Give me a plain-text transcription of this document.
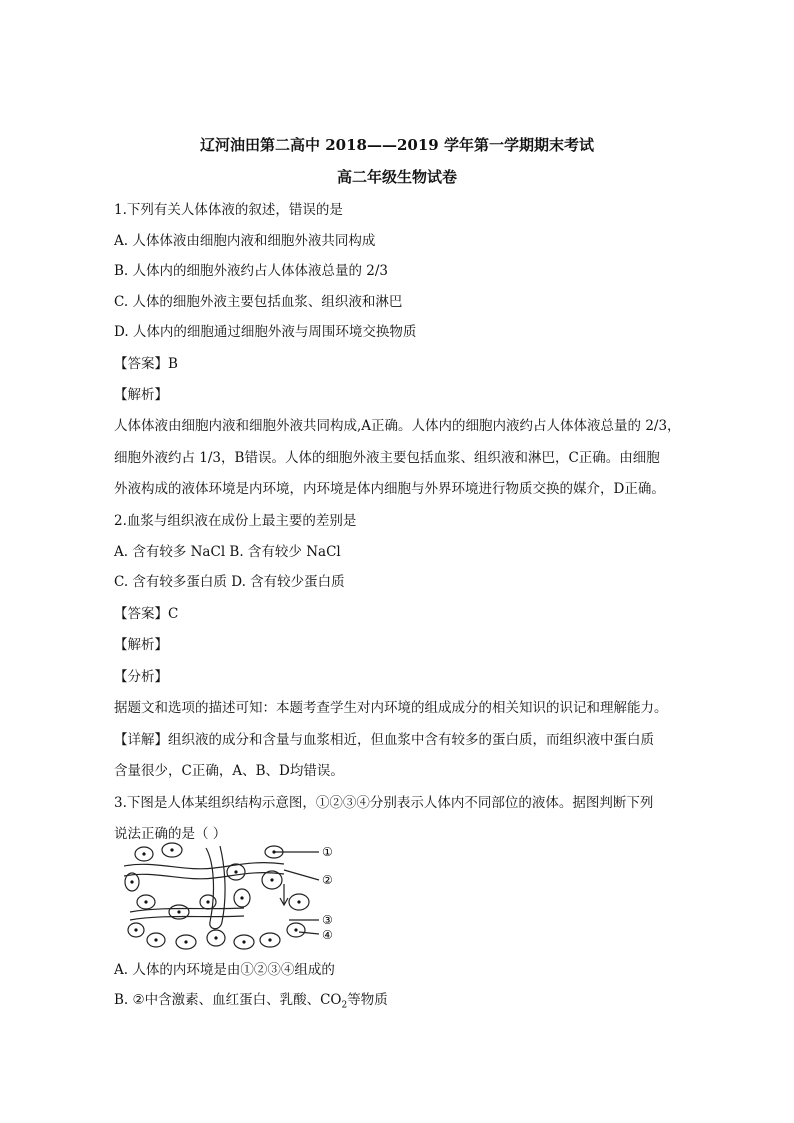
辽河油田第二高中 2018——2019 学年第一学期期末考试
高二年级生物试卷
1.下列有关人体体液的叙述，错误的是
A. 人体体液由细胞内液和细胞外液共同构成
B. 人体内的细胞外液约占人体体液总量的 2/3
C. 人体的细胞外液主要包括血浆、组织液和淋巴
D. 人体内的细胞通过细胞外液与周围环境交换物质
【答案】B
【解析】
人体体液由细胞内液和细胞外液共同构成,A正确。人体内的细胞内液约占人体体液总量的 2/3，
细胞外液约占 1/3，B错误。人体的细胞外液主要包括血浆、组织液和淋巴，C正确。由细胞
外液构成的液体环境是内环境，内环境是体内细胞与外界环境进行物质交换的媒介，D正确。
2.血浆与组织液在成份上最主要的差别是
A. 含有较多 NaCl B. 含有较少 NaCl
C. 含有较多蛋白质 D. 含有较少蛋白质
【答案】C
【解析】
【分析】
据题文和选项的描述可知：本题考查学生对内环境的组成成分的相关知识的识记和理解能力。
【详解】组织液的成分和含量与血浆相近，但血浆中含有较多的蛋白质，而组织液中蛋白质
含量很少，C正确，A、B、D均错误。
3.下图是人体某组织结构示意图，①②③④分别表示人体内不同部位的液体。据图判断下列
说法正确的是（ ）
①
②
③
④
A. 人体的内环境是由①②③④组成的
B. ②中含激素、血红蛋白、乳酸、$CO_2$等物质
